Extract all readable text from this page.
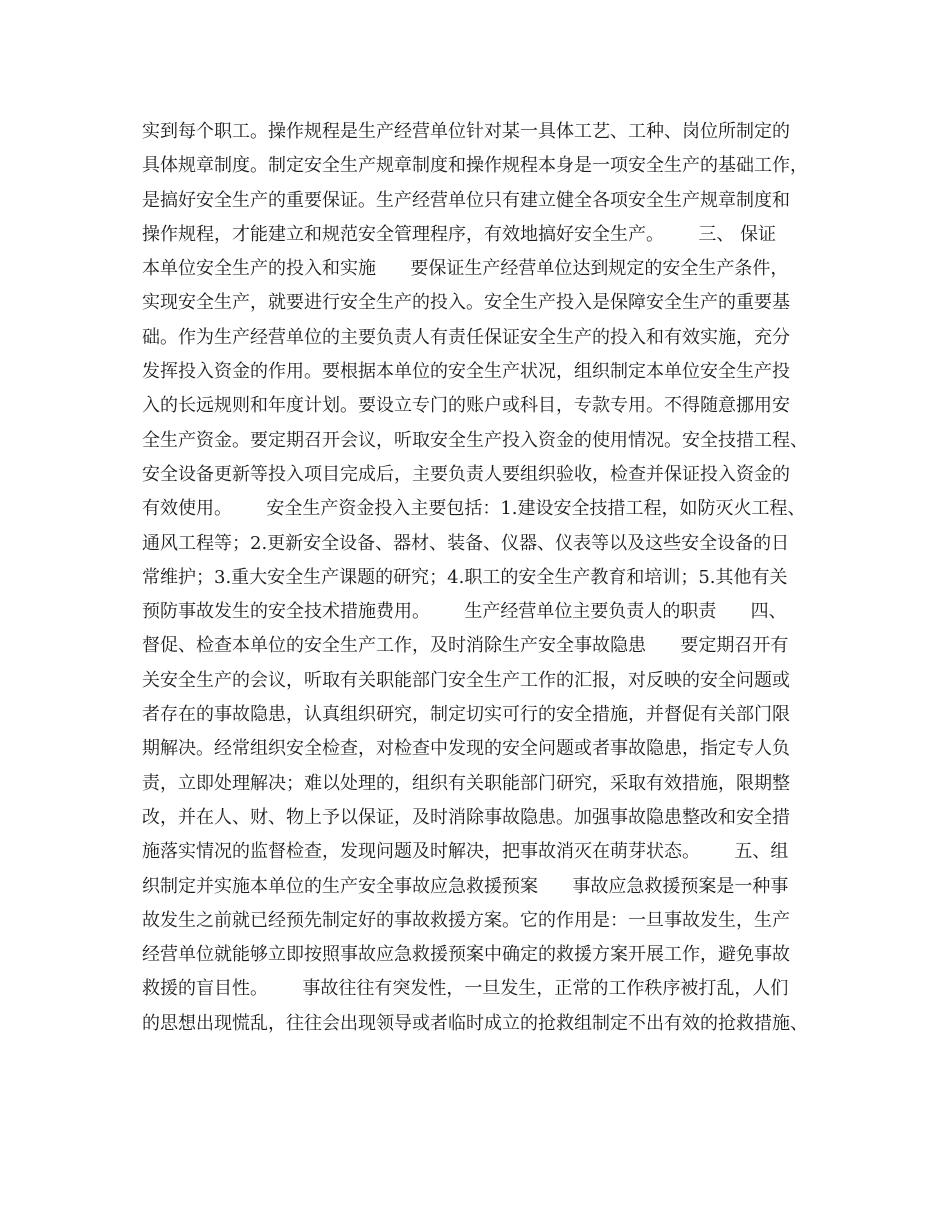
实到每个职工。操作规程是生产经营单位针对某一具体工艺、工种、岗位所制定的
具体规章制度。制定安全生产规章制度和操作规程本身是一项安全生产的基础工作，
是搞好安全生产的重要保证。生产经营单位只有建立健全各项安全生产规章制度和
操作规程，才能建立和规范安全管理程序，有效地搞好安全生产。      三、 保证
本单位安全生产的投入和实施      要保证生产经营单位达到规定的安全生产条件，
实现安全生产，就要进行安全生产的投入。安全生产投入是保障安全生产的重要基
础。作为生产经营单位的主要负责人有责任保证安全生产的投入和有效实施，充分
发挥投入资金的作用。要根据本单位的安全生产状况，组织制定本单位安全生产投
入的长远规则和年度计划。要设立专门的账户或科目，专款专用。不得随意挪用安
全生产资金。要定期召开会议，听取安全生产投入资金的使用情况。安全技措工程、
安全设备更新等投入项目完成后，主要负责人要组织验收，检查并保证投入资金的
有效使用。      安全生产资金投入主要包括：1.建设安全技措工程，如防灭火工程、
通风工程等；2.更新安全设备、器材、装备、仪器、仪表等以及这些安全设备的日
常维护；3.重大安全生产课题的研究；4.职工的安全生产教育和培训；5.其他有关
预防事故发生的安全技术措施费用。      生产经营单位主要负责人的职责      四、
督促、检查本单位的安全生产工作，及时消除生产安全事故隐患      要定期召开有
关安全生产的会议，听取有关职能部门安全生产工作的汇报，对反映的安全问题或
者存在的事故隐患，认真组织研究，制定切实可行的安全措施，并督促有关部门限
期解决。经常组织安全检查，对检查中发现的安全问题或者事故隐患，指定专人负
责，立即处理解决；难以处理的，组织有关职能部门研究，采取有效措施，限期整
改，并在人、财、物上予以保证，及时消除事故隐患。加强事故隐患整改和安全措
施落实情况的监督检查，发现问题及时解决，把事故消灭在萌芽状态。      五、组
织制定并实施本单位的生产安全事故应急救援预案      事故应急救援预案是一种事
故发生之前就已经预先制定好的事故救援方案。它的作用是：一旦事故发生，生产
经营单位就能够立即按照事故应急救援预案中确定的救援方案开展工作，避免事故
救援的盲目性。      事故往往有突发性，一旦发生，正常的工作秩序被打乱，人们
的思想出现慌乱，往往会出现领导或者临时成立的抢救组制定不出有效的抢救措施、
